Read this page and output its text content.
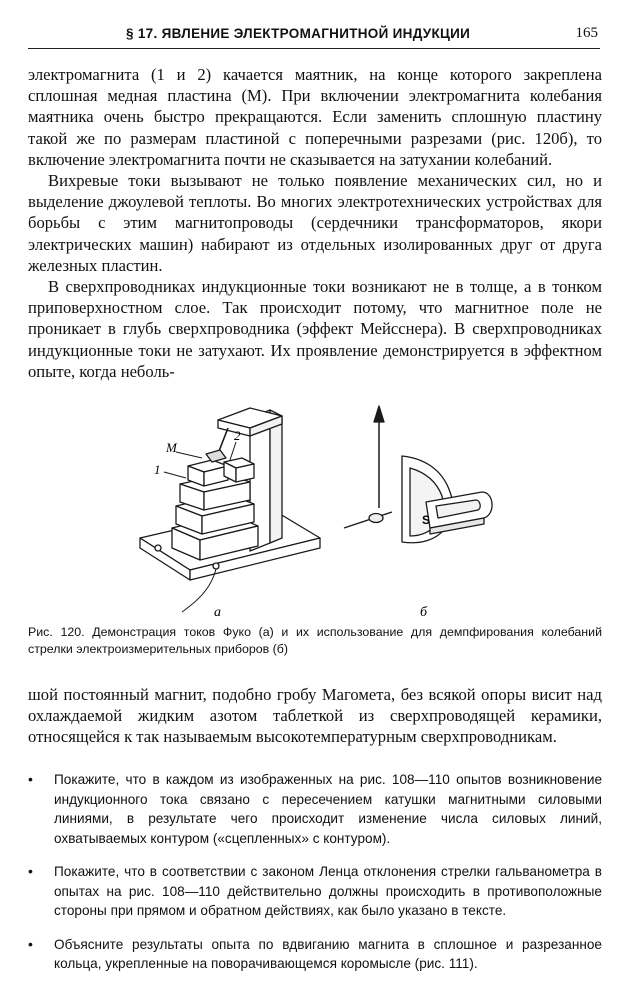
§ 17. ЯВЛЕНИЕ ЭЛЕКТРОМАГНИТНОЙ ИНДУКЦИИ	165

электромагнита (1 и 2) качается маятник, на конце которого закреплена сплошная медная пластина (М). При включении электромагнита колебания маятника очень быстро прекращаются. Если заменить сплошную пластину такой же по размерам пластиной с поперечными разрезами (рис. 120б), то включение электромагнита почти не сказывается на затухании колебаний.

Вихревые токи вызывают не только появление механических сил, но и выделение джоулевой теплоты. Во многих электротехнических устройствах для борьбы с этим магнитопроводы (сердечники трансформаторов, якори электрических машин) набирают из отдельных изолированных друг от друга железных пластин.

В сверхпроводниках индукционные токи возникают не в толще, а в тонком приповерхностном слое. Так происходит потому, что магнитное поле не проникает в глубь сверхпроводника (эффект Мейсснера). В сверхпроводниках индукционные токи не затухают. Их проявление демонстрируется в эффектном опыте, когда неболь-

М
1
2
а
S
б
Рис. 120. Демонстрация токов Фуко (а) и их использование для демпфирования колебаний стрелки электроизмерительных приборов (б)

шой постоянный магнит, подобно гробу Магомета, без всякой опоры висит над охлаждаемой жидким азотом таблеткой из сверхпроводящей керамики, относящейся к так называемым высокотемпературным сверхпроводникам.

• Покажите, что в каждом из изображенных на рис. 108—110 опытов возникновение индукционного тока связано с пересечением катушки магнитными силовыми линиями, в результате чего происходит изменение числа силовых линий, охватываемых контуром («сцепленных» с контуром).
• Покажите, что в соответствии с законом Ленца отклонения стрелки гальванометра в опытах на рис. 108—110 действительно должны происходить в противоположные стороны при прямом и обратном действиях, как было указано в тексте.
• Объясните результаты опыта по вдвиганию магнита в сплошное и разрезанное кольца, укрепленные на поворачивающемся коромысле (рис. 111).
